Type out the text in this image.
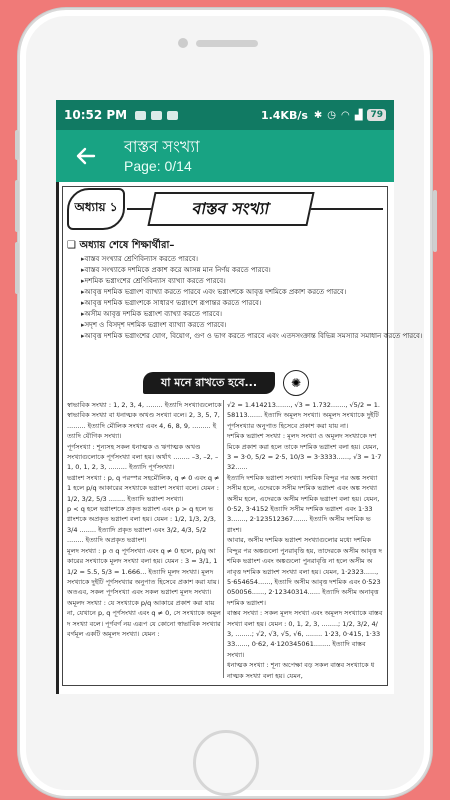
10:52 PM	1.4KB/s ✱ ◷ ◠ ▟ 79
বাস্তব সংখ্যা
Page: 0/14
অধ্যায় ১	বাস্তব সংখ্যা
❑ অধ্যায় শেষে শিক্ষার্থীরা–
▸ বাস্তব সংখ্যার শ্রেণিবিন্যাস করতে পারবে।
▸ বাস্তব সংখ্যাকে দশমিকে প্রকাশ করে আসন্ন মান নির্ণয় করতে পারবে।
▸ দশমিক ভগ্নাংশের শ্রেণিবিন্যাস ব্যাখ্যা করতে পারবে।
▸ আবৃত্ত দশমিক ভগ্নাংশ ব্যাখ্যা করতে পারবে এবং ভগ্নাংশকে আবৃত্ত দশমিকে প্রকাশ করতে পারবে।
▸ আবৃত্ত দশমিক ভগ্নাংশকে সাধারণ ভগ্নাংশে রূপান্তর করতে পারবে।
▸ অসীম আবৃত্ত দশমিক ভগ্নাংশ ব্যাখ্যা করতে পারবে।
▸ সদৃশ ও বিসদৃশ দশমিক ভগ্নাংশ ব্যাখ্যা করতে পারবে।
▸ আবৃত্ত দশমিক ভগ্নাংশের যোগ, বিয়োগ, গুণ ও ভাগ করতে পারবে এবং এতদসংক্রান্ত বিভিন্ন সমস্যার সমাধান করতে পারবে।
যা মনে রাখতে হবে...	✺

স্বাভাবিক সংখ্যা : 1, 2, 3, 4, ........ ইত্যাদি সংখ্যাগুলোকে স্বাভাবিক সংখ্যা বা ধনাত্মক অখণ্ড সংখ্যা বলে। 2, 3, 5, 7, ......... ইত্যাদি মৌলিক সংখ্যা এবং 4, 6, 8, 9, ......... ইত্যাদি যৌগিক সংখ্যা।

পূর্ণসংখ্যা : শূন্যসহ সকল ধনাত্মক ও ঋণাত্মক অখণ্ড সংখ্যাগুলোকে পূর্ণসংখ্যা বলা হয়। অর্থাৎ ........ –3, –2, –1, 0, 1, 2, 3, ......... ইত্যাদি পূর্ণসংখ্যা।

ভগ্নাংশ সংখ্যা : p, q পরস্পর সহমৌলিক, q ≠ 0 এবং q ≠ 1 হলে p/q আকারের সংখ্যাকে ভগ্নাংশ সংখ্যা বলে। যেমন : 1/2, 3/2, 5/3 ........ ইত্যাদি ভগ্নাংশ সংখ্যা।

p < q হলে ভগ্নাংশকে প্রকৃত ভগ্নাংশ এবং p > q হলে ভগ্নাংশকে অপ্রকৃত ভগ্নাংশ বলা হয়। যেমন : 1/2, 1/3, 2/3, 3/4 ........ ইত্যাদি প্রকৃত ভগ্নাংশ এবং 3/2, 4/3, 5/2 ........ ইত্যাদি অপ্রকৃত ভগ্নাংশ।

মূলদ সংখ্যা : p ও q পূর্ণসংখ্যা এবং q ≠ 0 হলে, p/q আকারের সংখ্যাকে মূলদ সংখ্যা বলা হয়। যেমন : 3 = 3/1, 11/2 = 5.5, 5/3 = 1.666... ইত্যাদি মূলদ সংখ্যা। মূলদ সংখ্যাকে দুইটি পূর্ণসংখ্যার অনুপাত হিসেবে প্রকাশ করা যায়। অতএব, সকল পূর্ণসংখ্যা এবং সকল ভগ্নাংশ মূলদ সংখ্যা।

অমূলদ সংখ্যা : যে সংখ্যাকে p/q আকারে প্রকাশ করা যায় না, যেখানে p, q পূর্ণসংখ্যা এবং q ≠ 0, সে সংখ্যাকে অমূলদ সংখ্যা বলে। পূর্ণবর্গ নয় এরূপ যে কোনো স্বাভাবিক সংখ্যার বর্গমূল একটি অমূলদ সংখ্যা। যেমন :

√2 = 1.414213......., √3 = 1.732......., √5/2 = 1.58113....... ইত্যাদি অমূলদ সংখ্যা। অমূলদ সংখ্যাকে দুইটি পূর্ণসংখ্যার অনুপাত হিসেবে প্রকাশ করা যায় না।

দশমিক ভগ্নাংশ সংখ্যা : মূলদ সংখ্যা ও অমূলদ সংখ্যাকে দশমিকে প্রকাশ করা হলে তাকে দশমিক ভগ্নাংশ বলা হয়। যেমন, 3 = 3·0, 5/2 = 2·5, 10/3 = 3·3333......, √3 = 1·732......

ইত্যাদি দশমিক ভগ্নাংশ সংখ্যা। দশমিক বিন্দুর পর অঙ্ক সংখ্যা সসীম হলে, এদেরকে সসীম দশমিক ভগ্নাংশ এবং অঙ্ক সংখ্যা অসীম হলে, এদেরকে অসীম দশমিক ভগ্নাংশ বলা হয়। যেমন, 0·52, 3·4152 ইত্যাদি সসীম দশমিক ভগ্নাংশ এবং 1·333......., 2·123512367....... ইত্যাদি অসীম দশমিক ভগ্নাংশ।

আবার, অসীম দশমিক ভগ্নাংশ সংখ্যাগুলোর মধ্যে দশমিক বিন্দুর পর অঙ্কগুলো পুনরাবৃত্তি হয়, তাদেরকে অসীম আবৃত্ত দশমিক ভগ্নাংশ এবং অঙ্কগুলো পুনরাবৃত্তি না হলে অসীম অনাবৃত্ত দশমিক ভগ্নাংশ সংখ্যা বলা হয়। যেমন, 1·2323......, 5·654654......, ইত্যাদি অসীম আবৃত্ত দশমিক এবং 0·523050056......, 2·12340314...... ইত্যাদি অসীম অনাবৃত্ত দশমিক ভগ্নাংশ।

বাস্তব সংখ্যা : সকল মূলদ সংখ্যা এবং অমূলদ সংখ্যাকে বাস্তব সংখ্যা বলা হয়। যেমন : 0, 1, 2, 3, ........; 1/2, 3/2, 4/3, ........; √2, √3, √5, √6, ........ 1·23, 0·415, 1·3333......, 0·62, 4·120345061........ ইত্যাদি বাস্তব সংখ্যা।

ধনাত্মক সংখ্যা : শূন্য অপেক্ষা বড় সকল বাস্তব সংখ্যাকে ধনাত্মক সংখ্যা বলা হয়। যেমন,
